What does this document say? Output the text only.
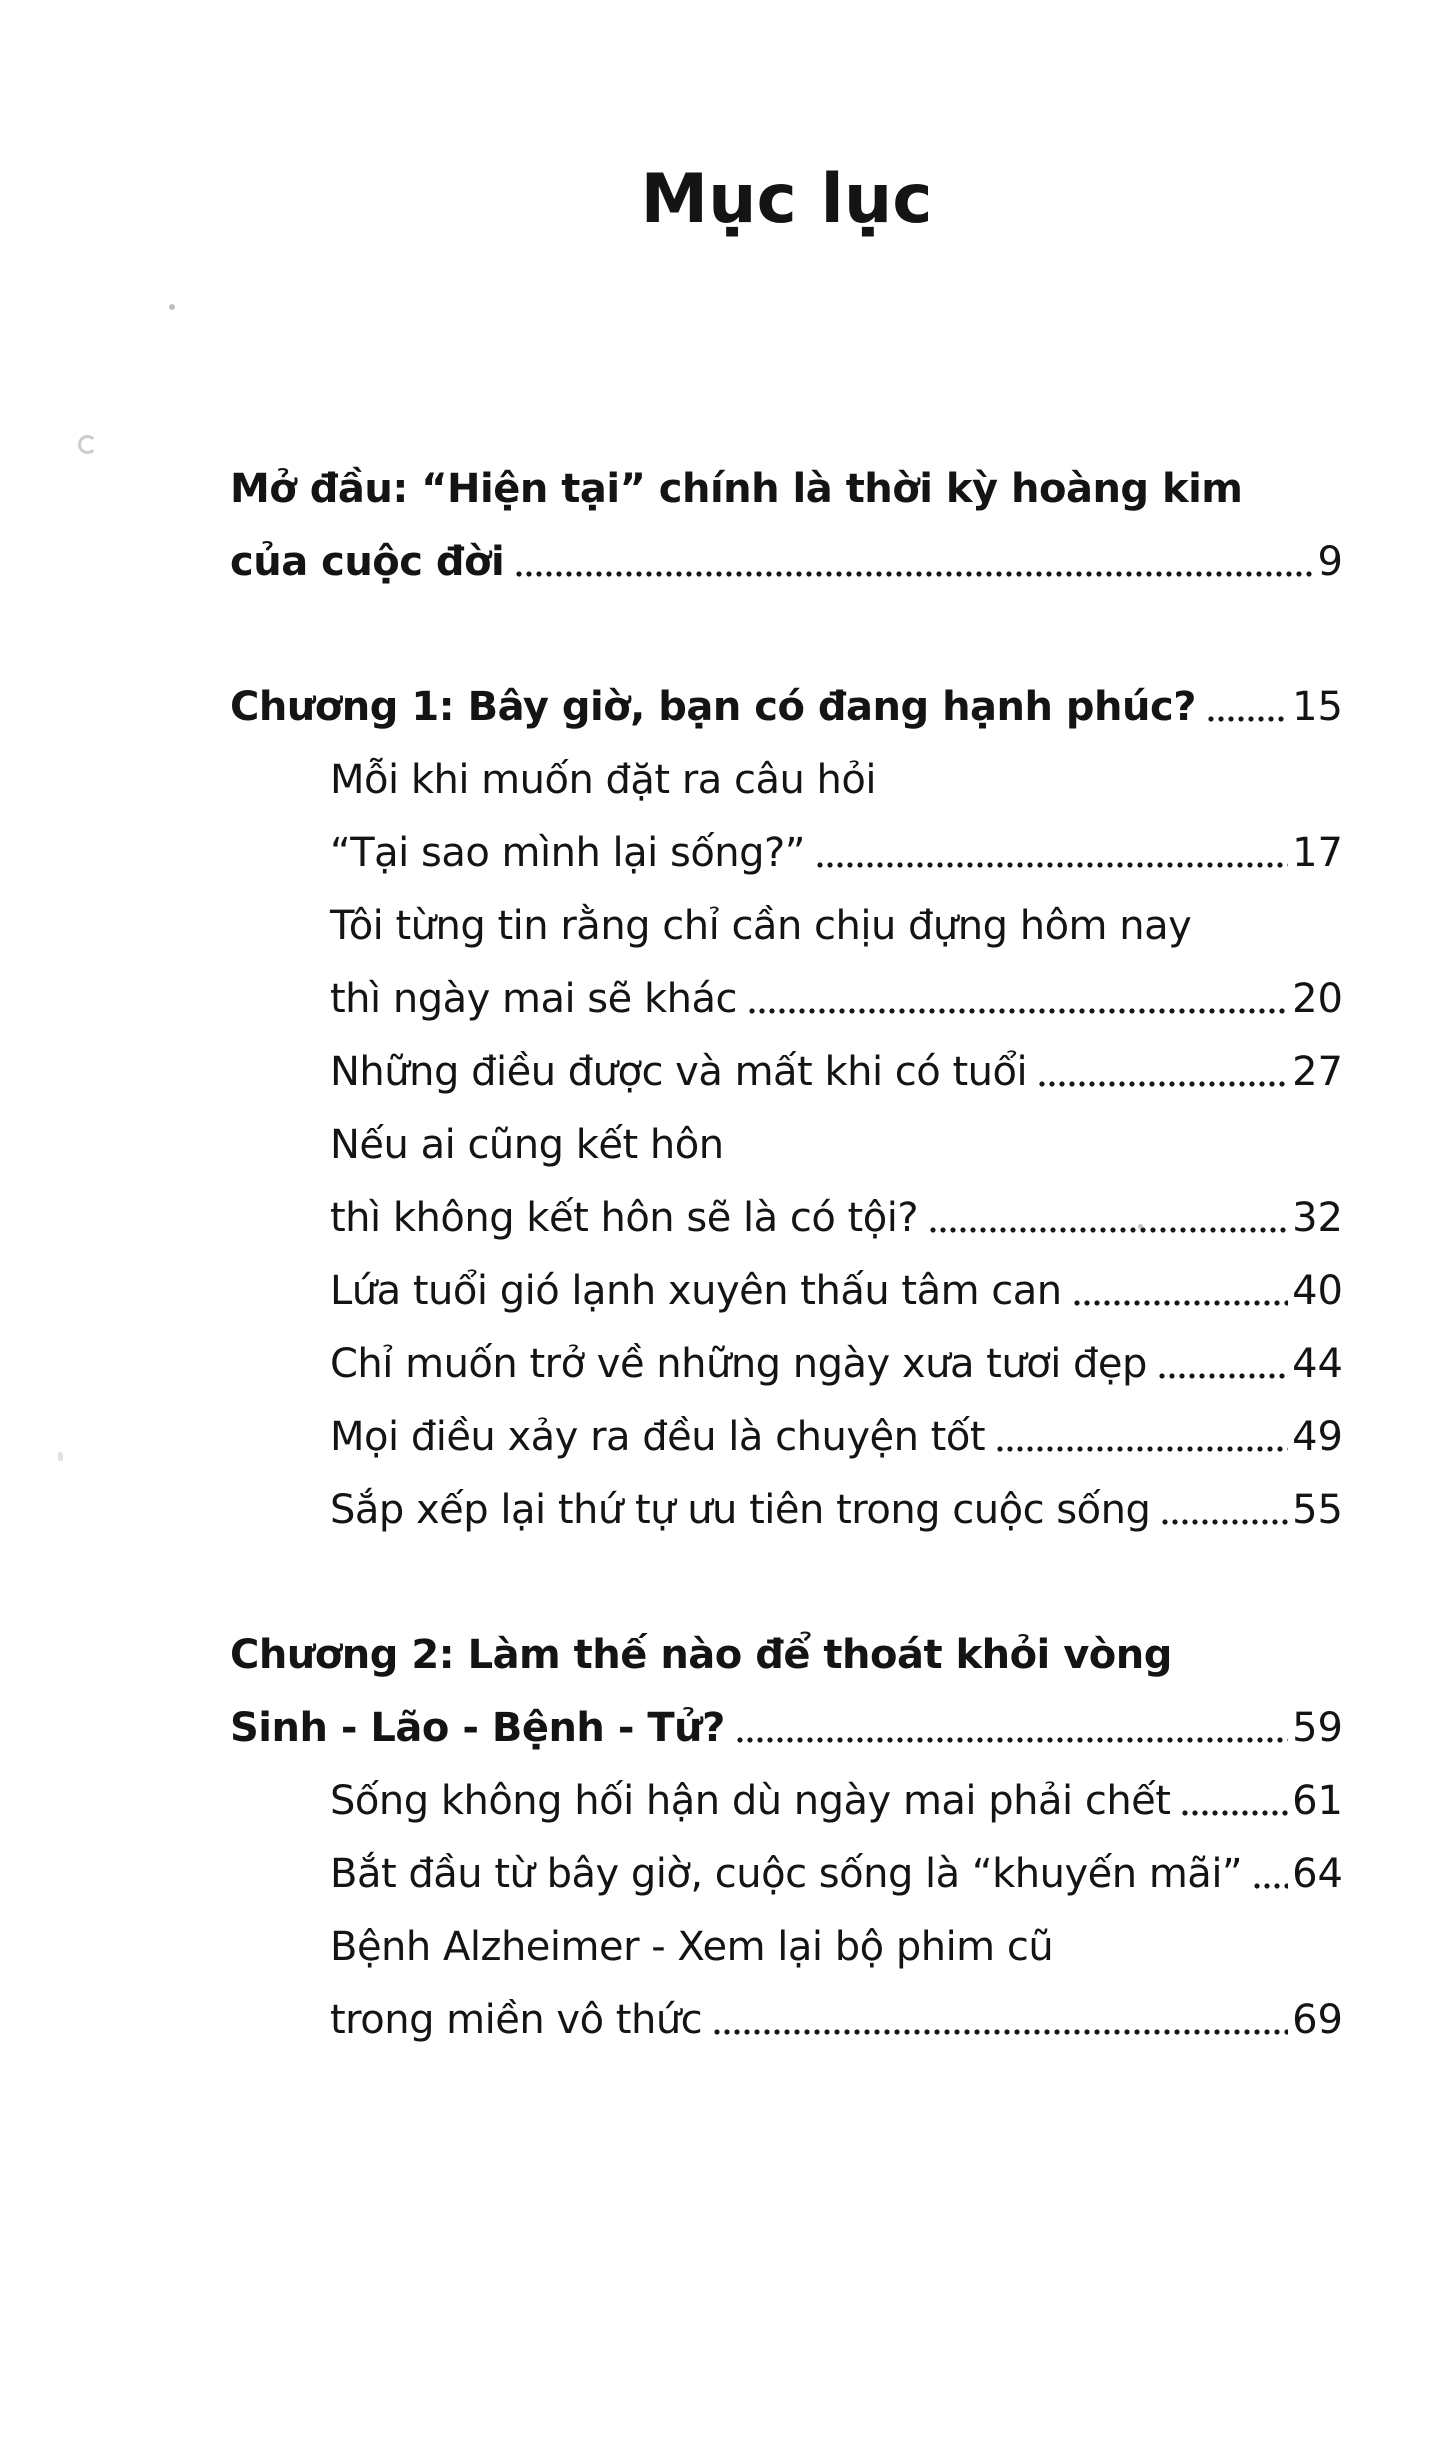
Mục lục
Mở đầu: “Hiện tại” chính là thời kỳ hoàng kim
của cuộc đời	9
Chương 1: Bây giờ, bạn có đang hạnh phúc? 15
Mỗi khi muốn đặt ra câu hỏi
“Tại sao mình lại sống?”	17
Tôi từng tin rằng chỉ cần chịu đựng hôm nay
thì ngày mai sẽ khác	20
Những điều được và mất khi có tuổi	27
Nếu ai cũng kết hôn
thì không kết hôn sẽ là có tội?	32
Lứa tuổi gió lạnh xuyên thấu tâm can	40
Chỉ muốn trở về những ngày xưa tươi đẹp	44
Mọi điều xảy ra đều là chuyện tốt	49
Sắp xếp lại thứ tự ưu tiên trong cuộc sống	55
Chương 2: Làm thế nào để thoát khỏi vòng
Sinh - Lão - Bệnh - Tử?	59
Sống không hối hận dù ngày mai phải chết	61
Bắt đầu từ bây giờ, cuộc sống là “khuyến mãi” 64
Bệnh Alzheimer - Xem lại bộ phim cũ
trong miền vô thức	69
